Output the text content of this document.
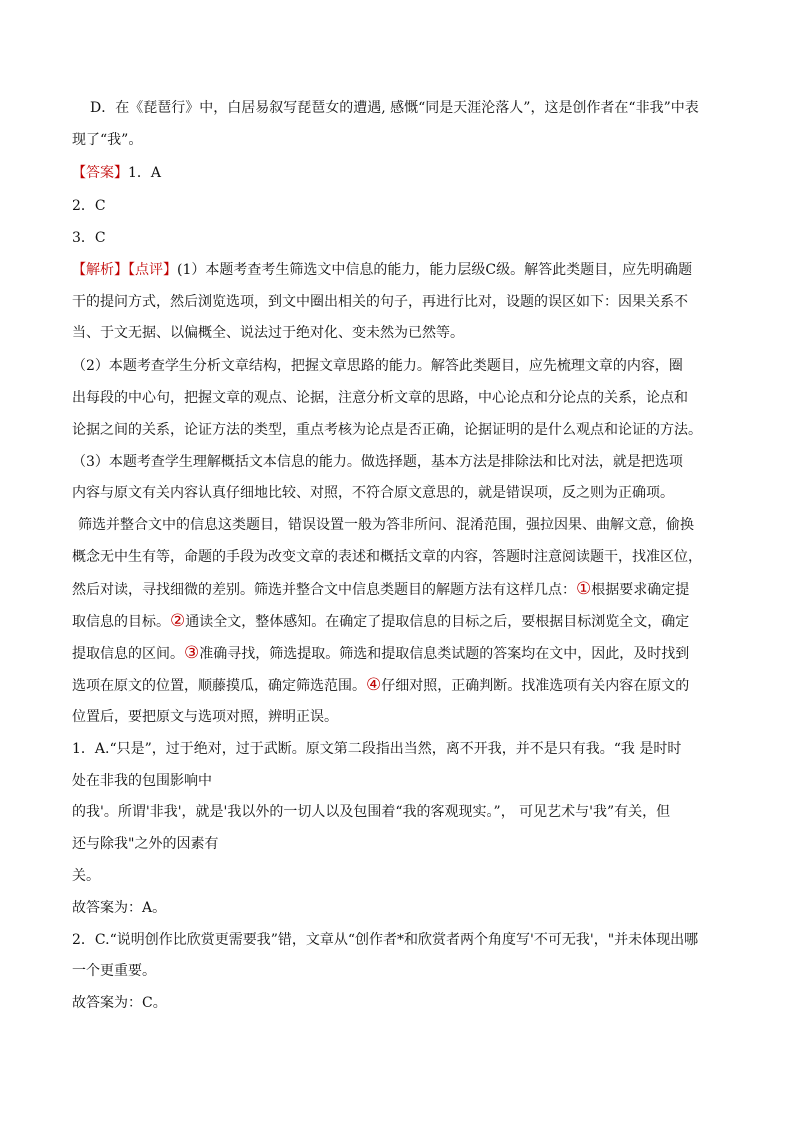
D．在《琵琶行》中，白居易叙写琵琶女的遭遇, 感慨“同是天涯沦落人”，这是创作者在“非我”中表
现了“我”。
【答案】1．A
2．C
3．C
【解析】【点评】(1）本题考查考生筛选文中信息的能力，能力层级C级。解答此类题目，应先明确题
干的提问方式，然后浏览选项，到文中圈出相关的句子，再进行比对，设题的误区如下：因果关系不
当、于文无据、以偏概全、说法过于绝对化、变未然为已然等。
（2）本题考查学生分析文章结构，把握文章思路的能力。解答此类题目，应先梳理文章的内容，圈
出每段的中心句，把握文章的观点、论据，注意分析文章的思路，中心论点和分论点的关系，论点和
论据之间的关系，论证方法的类型，重点考核为论点是否正确，论据证明的是什么观点和论证的方法。
（3）本题考查学生理解概括文本信息的能力。做选择题，基本方法是排除法和比对法，就是把选项
内容与原文有关内容认真仔细地比较、对照，不符合原文意思的，就是错误项，反之则为正确项。
筛选并整合文中的信息这类题目，错误设置一般为答非所问、混淆范围，强拉因果、曲解文意，偷换
概念无中生有等，命题的手段为改变文章的表述和概括文章的内容，答题时注意阅读题干，找准区位，
然后对读，寻找细微的差别。筛选并整合文中信息类题目的解题方法有这样几点：①根据要求确定提
取信息的目标。②通读全文，整体感知。在确定了提取信息的目标之后，要根据目标浏览全文，确定
提取信息的区间。③准确寻找，筛选提取。筛选和提取信息类试题的答案均在文中，因此，及时找到
选项在原文的位置，顺藤摸瓜，确定筛选范围。④仔细对照，正确判断。找准选项有关内容在原文的
位置后，要把原文与选项对照，辨明正误。
1．A.“只是”，过于绝对，过于武断。原文第二段指出当然，离不开我，并不是只有我。“我 是时时
处在非我的包围影响中
的我'。所谓'非我'，就是'我以外的一切人以及包围着“我的客观现实。”， 可见艺术与'我”有关，但
还与除我"之外的因素有
关。
故答案为：A。
2．C.“说明创作比欣赏更需要我”错，文章从“创作者*和欣赏者两个角度写'不可无我'，"并未体现出哪
一个更重要。
故答案为：C。
